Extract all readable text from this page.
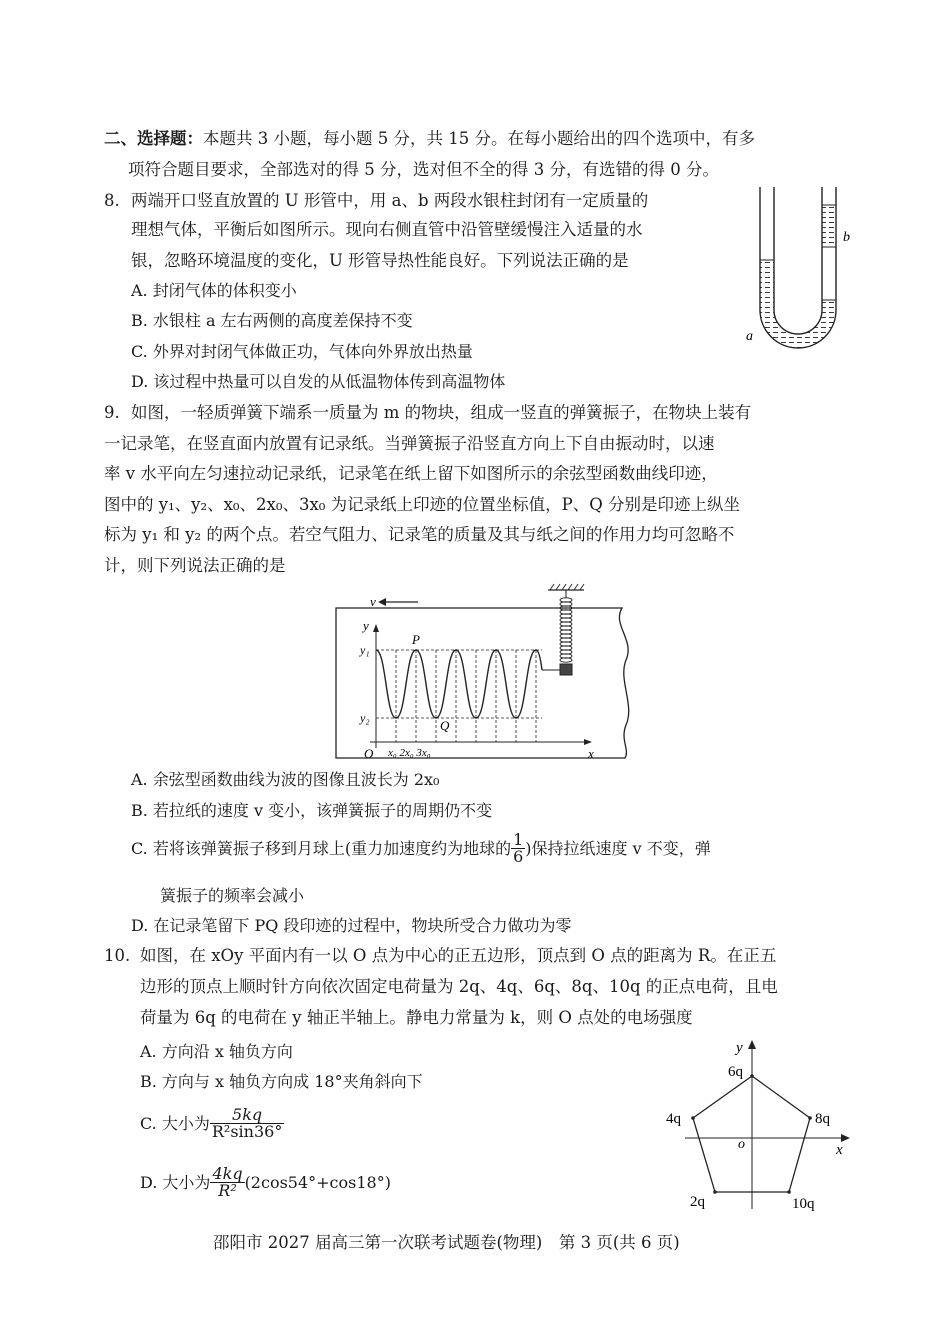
二、选择题：本题共 3 小题，每小题 5 分，共 15 分。在每小题给出的四个选项中，有多
项符合题目要求，全部选对的得 5 分，选对但不全的得 3 分，有选错的得 0 分。
8. 两端开口竖直放置的 U 形管中，用 a、b 两段水银柱封闭有一定质量的
理想气体，平衡后如图所示。现向右侧直管中沿管壁缓慢注入适量的水
银，忽略环境温度的变化，U 形管导热性能良好。下列说法正确的是
A. 封闭气体的体积变小
B. 水银柱 a 左右两侧的高度差保持不变
C. 外界对封闭气体做正功，气体向外界放出热量
D. 该过程中热量可以自发的从低温物体传到高温物体
a
b
9. 如图，一轻质弹簧下端系一质量为 m 的物块，组成一竖直的弹簧振子，在物块上装有
一记录笔，在竖直面内放置有记录纸。当弹簧振子沿竖直方向上下自由振动时，以速
率 v 水平向左匀速拉动记录纸，记录笔在纸上留下如图所示的余弦型函数曲线印迹，
图中的 y₁、y₂、x₀、2x₀、3x₀ 为记录纸上印迹的位置坐标值，P、Q 分别是印迹上纵坐
标为 y₁ 和 y₂ 的两个点。若空气阻力、记录笔的质量及其与纸之间的作用力均可忽略不
计，则下列说法正确的是
v
y
x
O
y₁
y₂
P
Q
x₀ 2x₀ 3x₀
A. 余弦型函数曲线为波的图像且波长为 2x₀
B. 若拉纸的速度 v 变小，该弹簧振子的周期仍不变
C. 若将该弹簧振子移到月球上(重力加速度约为地球的 $\frac{1}{6}$ )保持拉纸速度 v 不变，弹
簧振子的频率会减小
D. 在记录笔留下 PQ 段印迹的过程中，物块所受合力做功为零
10. 如图，在 xOy 平面内有一以 O 点为中心的正五边形，顶点到 O 点的距离为 R。在正五
边形的顶点上顺时针方向依次固定电荷量为 2q、4q、6q、8q、10q 的正点电荷，且电
荷量为 6q 的电荷在 y 轴正半轴上。静电力常量为 k，则 O 点处的电场强度
A. 方向沿 x 轴负方向
B. 方向与 x 轴负方向成 18°夹角斜向下
C. 大小为 $\frac{5kq}{\text{R²sin36°}}$
D. 大小为 $\frac{4kq}{\text{R²}} (2\cos 54^\circ+\cos 18^\circ)$
y
x
o
6q
4q	8q
2q	10q
邵阳市 2027 届高三第一次联考试题卷(物理)　第 3 页(共 6 页)
